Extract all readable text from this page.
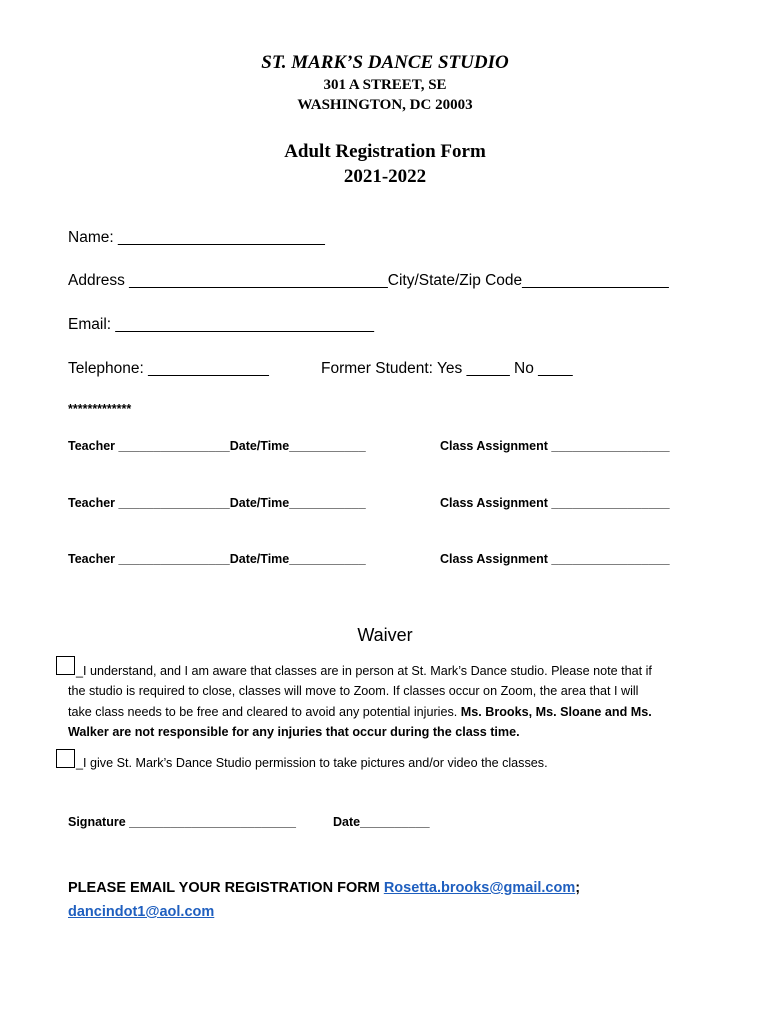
ST. MARK’S DANCE STUDIO
301 A STREET, SE
WASHINGTON, DC 20003
Adult Registration Form
2021-2022
Name: ________________________
Address ______________________________City/State/Zip Code_________________
Email: ______________________________
Telephone: ______________	Former Student: Yes _____ No ____
*************
Teacher ________________Date/Time___________	Class Assignment _________________
Teacher ________________Date/Time___________	Class Assignment _________________
Teacher ________________Date/Time___________	Class Assignment _________________
Waiver
_I understand, and I am aware that classes are in person at St. Mark’s Dance studio. Please note that if
the studio is required to close, classes will move to Zoom. If classes occur on Zoom, the area that I will
take class needs to be free and cleared to avoid any potential injuries. Ms. Brooks, Ms. Sloane and Ms.
Walker are not responsible for any injuries that occur during the class time.
_I give St. Mark’s Dance Studio permission to take pictures and/or video the classes.
Signature ________________________	Date__________
PLEASE EMAIL YOUR REGISTRATION FORM Rosetta.brooks@gmail.com;
dancindot1@aol.com
